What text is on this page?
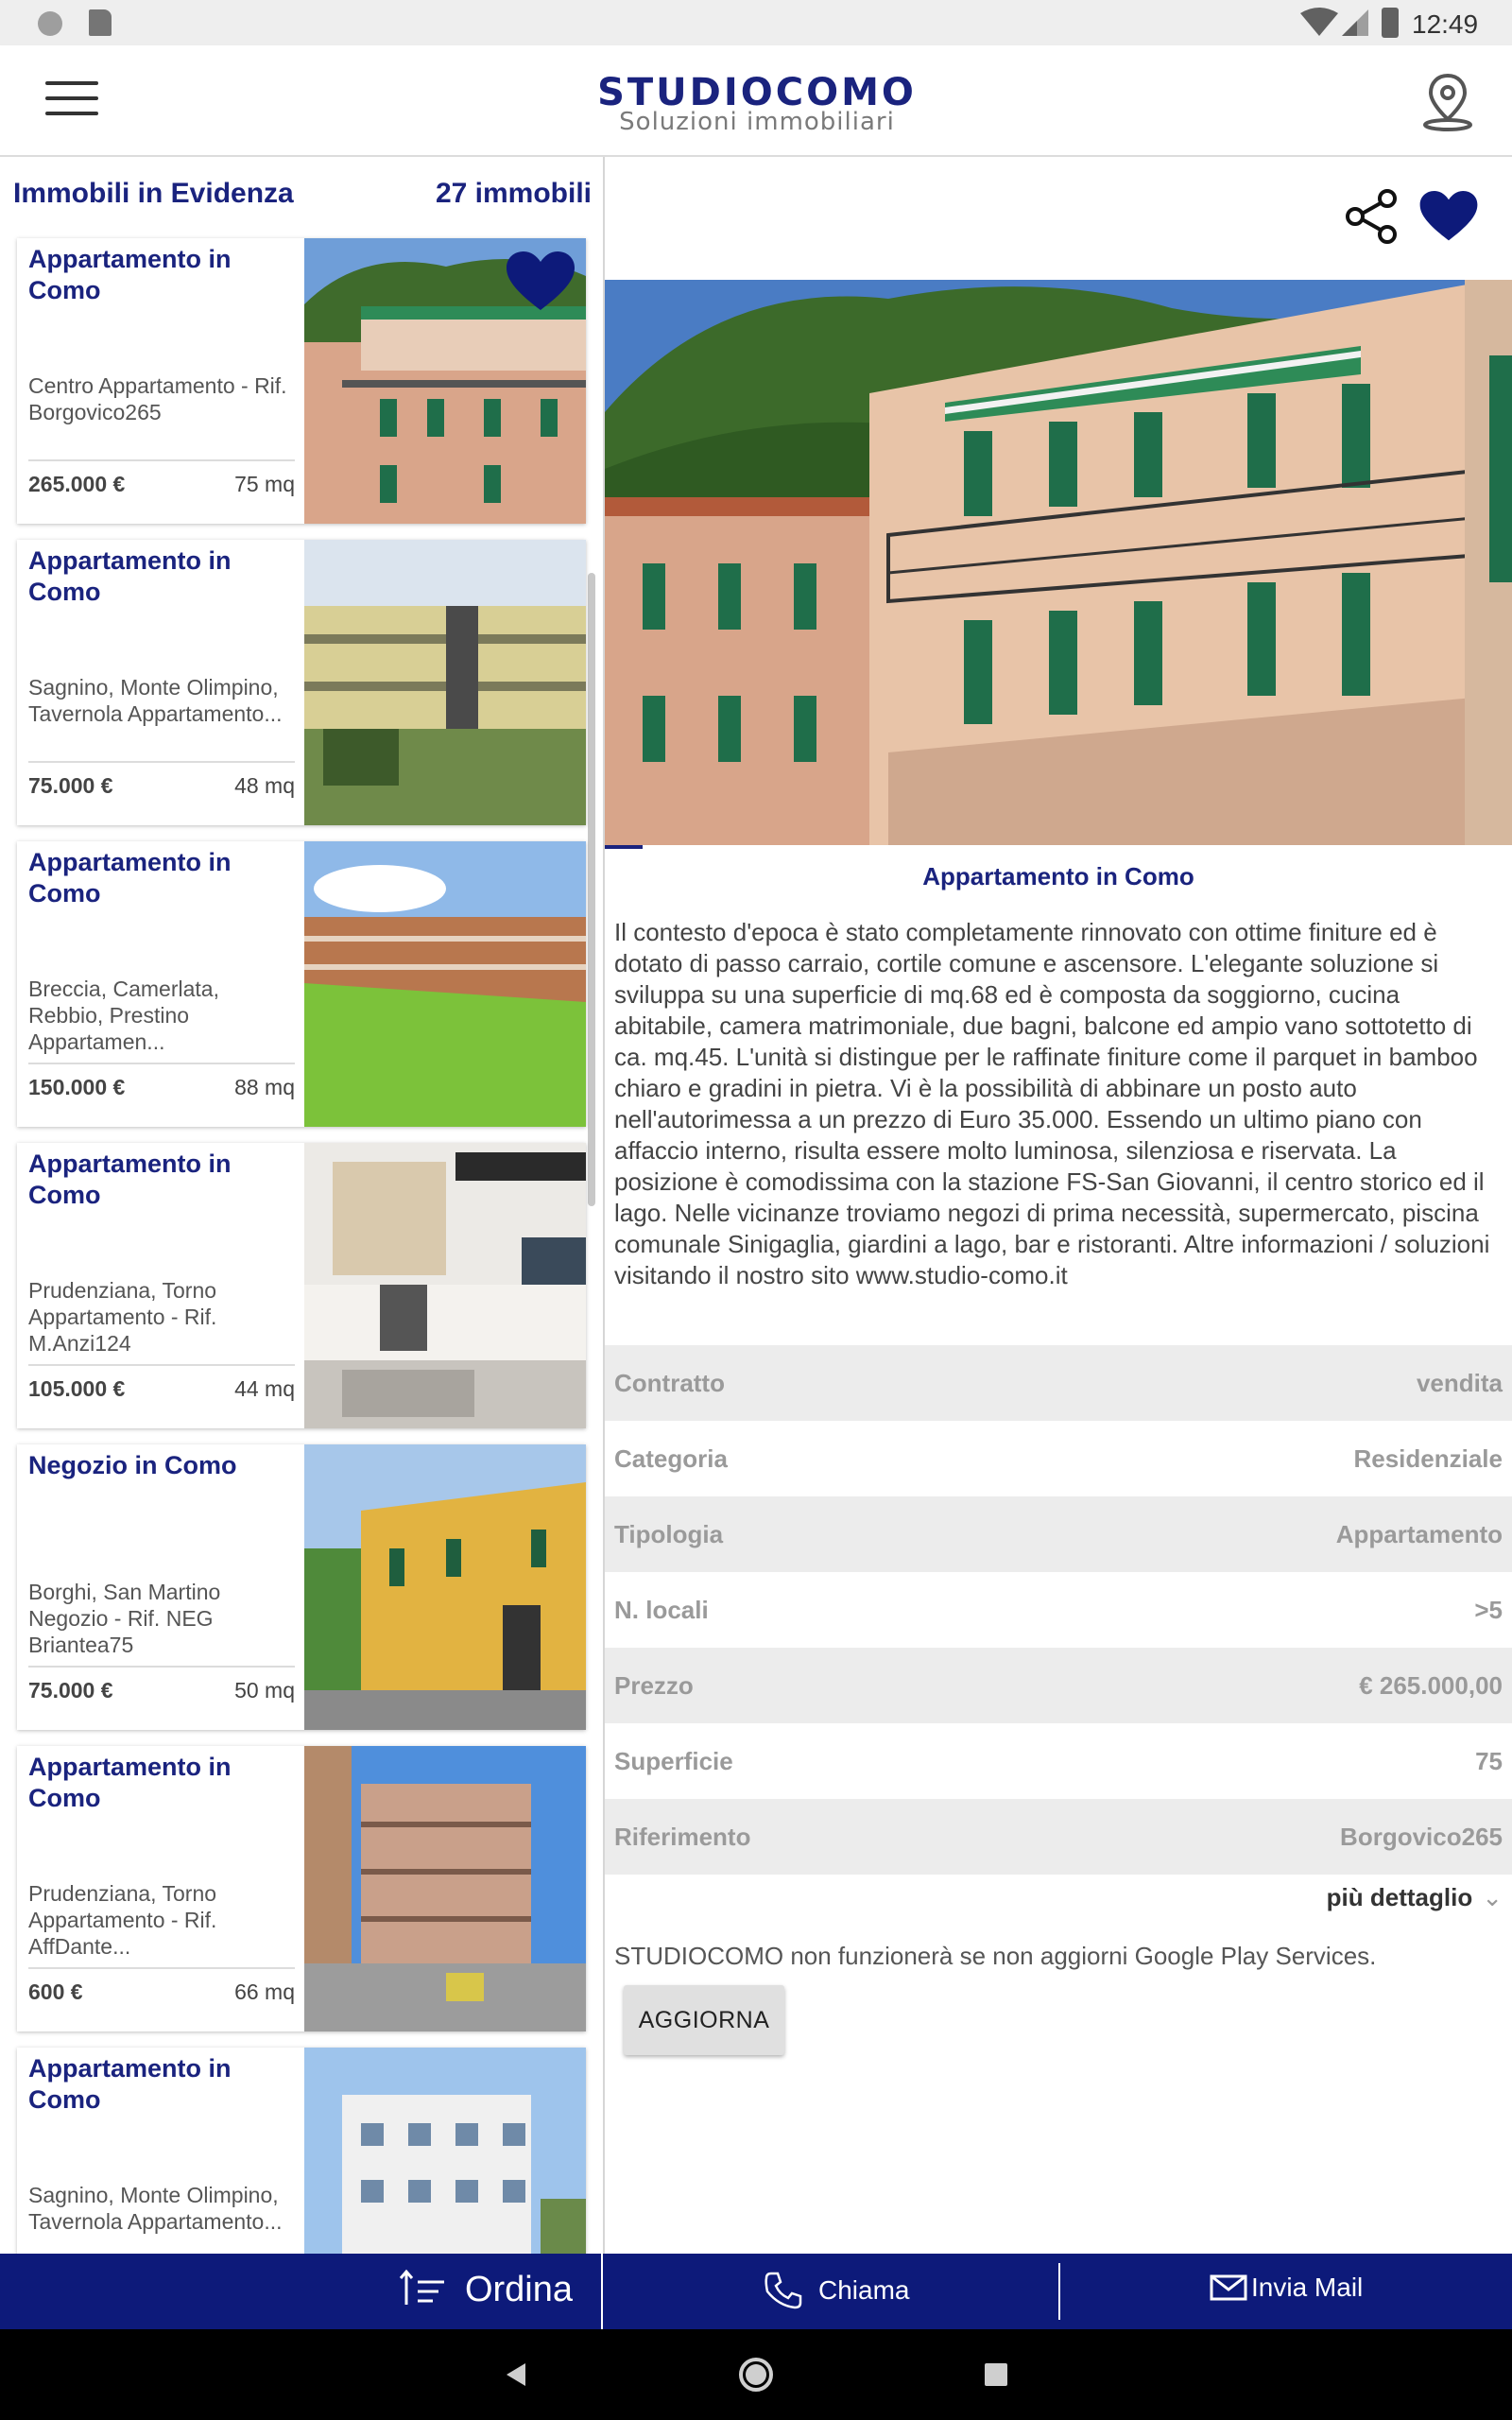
12:49
STUDIOCOMO
Soluzioni immobiliari
Immobili in Evidenza	27 immobili
Appartamento in Como
Centro Appartamento - Rif. Borgovico265
265.000 €	75 mq
Appartamento in Como
Sagnino, Monte Olimpino, Tavernola Appartamento...
75.000 €	48 mq
Appartamento in Como
Breccia, Camerlata, Rebbio, Prestino Appartamen...
150.000 €	88 mq
Appartamento in Como
Prudenziana, Torno Appartamento - Rif. M.Anzi124
105.000 €	44 mq
Negozio in Como
Borghi, San Martino Negozio - Rif. NEG Briantea75
75.000 €	50 mq
Appartamento in Como
Prudenziana, Torno Appartamento - Rif. AffDante...
600 €	66 mq
Appartamento in Como
Sagnino, Monte Olimpino, Tavernola Appartamento...
Appartamento in Como
Il contesto d'epoca è stato completamente rinnovato con ottime finiture ed è dotato di passo carraio, cortile comune e ascensore. L'elegante soluzione si sviluppa su una superficie di mq.68 ed è composta da soggiorno, cucina abitabile, camera matrimoniale, due bagni, balcone ed ampio vano sottotetto di ca. mq.45. L'unità si distingue per le raffinate finiture come il parquet in bamboo chiaro e gradini in pietra. Vi è la possibilità di abbinare un posto auto nell'autorimessa a un prezzo di Euro 35.000. Essendo un ultimo piano con affaccio interno, risulta essere molto luminosa, silenziosa e riservata. La posizione è comodissima con la stazione FS-San Giovanni, il centro storico ed il lago. Nelle vicinanze troviamo negozi di prima necessità, supermercato, piscina comunale Sinigaglia, giardini a lago, bar e ristoranti. Altre informazioni / soluzioni visitando il nostro sito www.studio-como.it
Contratto	vendita
Categoria	Residenziale
Tipologia	Appartamento
N. locali	>5
Prezzo	€ 265.000,00
Superficie	75
Riferimento	Borgovico265
più dettaglio ⌄
STUDIOCOMO non funzionerà se non aggiorni Google Play Services.
AGGIORNA
Ordina	Chiama	Invia Mail
